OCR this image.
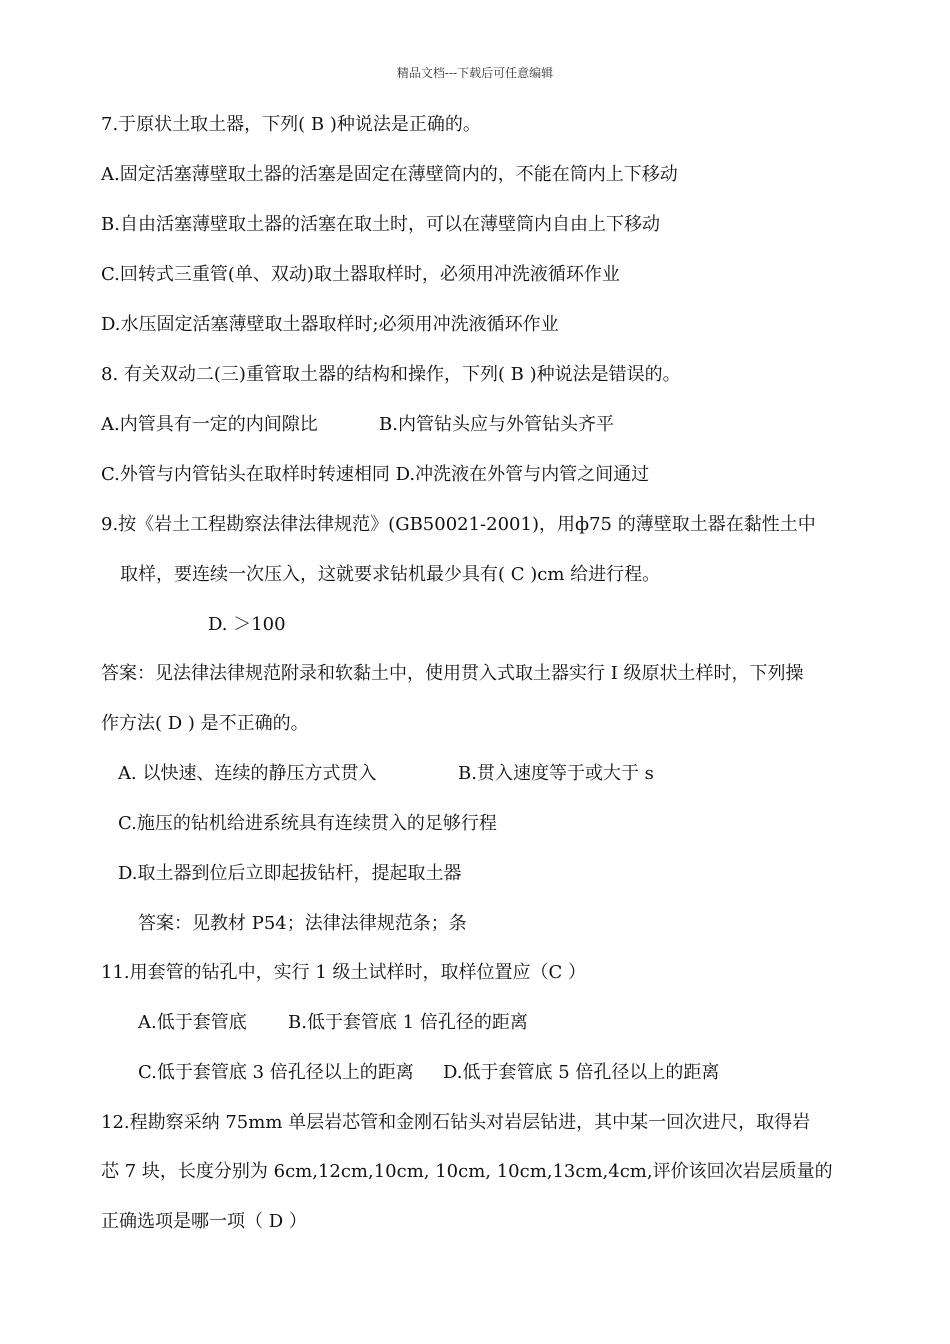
精品文档---下载后可任意编辑
7.于原状土取土器，下列( B )种说法是正确的。
A.固定活塞薄壁取土器的活塞是固定在薄壁筒内的，不能在筒内上下移动
B.自由活塞薄壁取土器的活塞在取土时，可以在薄壁筒内自由上下移动
C.回转式三重管(单、双动)取土器取样时，必须用冲洗液循环作业
D.水压固定活塞薄壁取土器取样时;必须用冲洗液循环作业
8. 有关双动二(三)重管取土器的结构和操作，下列( B )种说法是错误的。
A.内管具有一定的内间隙比	B.内管钻头应与外管钻头齐平
C.外管与内管钻头在取样时转速相同 D.冲洗液在外管与内管之间通过
9.按《岩土工程勘察法律法律规范》(GB50021-2001)，用ф75 的薄壁取土器在黏性土中
取样，要连续一次压入，这就要求钻机最少具有( C )cm 给进行程。
D. ＞100
答案：见法律法律规范附录和软黏土中，使用贯入式取土器实行 I 级原状土样时，下列操
作方法( D ) 是不正确的。
A. 以快速、连续的静压方式贯入	B.贯入速度等于或大于 s
C.施压的钻机给进系统具有连续贯入的足够行程
D.取土器到位后立即起拔钻杆，提起取土器
答案：见教材 P54；法律法律规范条；条
11.用套管的钻孔中，实行 1 级土试样时，取样位置应（C ）
A.低于套管底 B.低于套管底 1 倍孔径的距离
C.低于套管底 3 倍孔径以上的距离 D.低于套管底 5 倍孔径以上的距离
12.程勘察采纳 75mm 单层岩芯管和金刚石钻头对岩层钻进，其中某一回次进尺，取得岩
芯 7 块，长度分别为 6cm,12cm,10cm, 10cm, 10cm,13cm,4cm,评价该回次岩层质量的
正确选项是哪一项（ D ）
